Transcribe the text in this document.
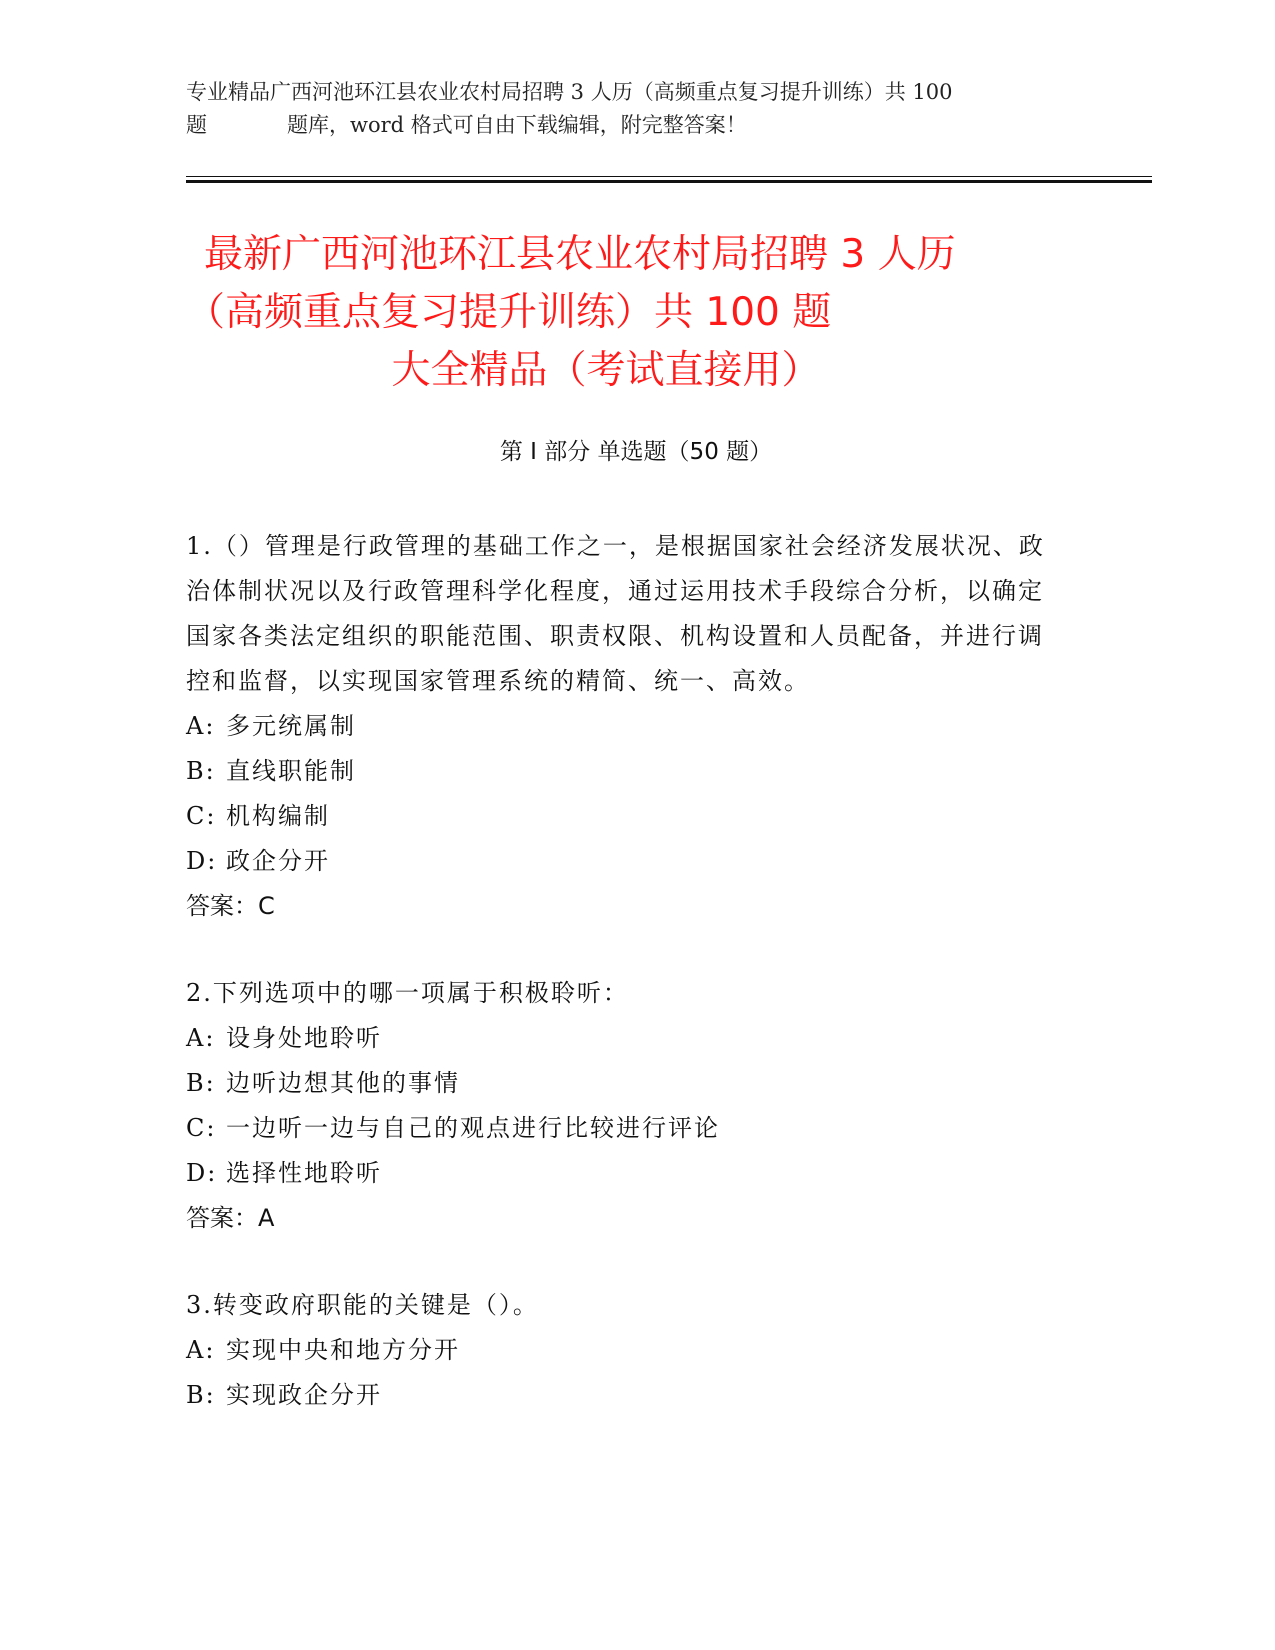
专业精品广西河池环江县农业农村局招聘 3 人历（高频重点复习提升训练）共 100
题	题库，word 格式可自由下载编辑，附完整答案！
最新广西河池环江县农业农村局招聘 3 人历
（高频重点复习提升训练）共 100 题
大全精品（考试直接用）
第 I 部分 单选题（50 题）

1.（）管理是行政管理的基础工作之一，是根据国家社会经济发展状况、政治体制状况以及行政管理科学化程度，通过运用技术手段综合分析，以确定国家各类法定组织的职能范围、职责权限、机构设置和人员配备，并进行调控和监督，以实现国家管理系统的精简、统一、高效。

A: 多元统属制
B: 直线职能制
C: 机构编制
D: 政企分开
答案：C

2.下列选项中的哪一项属于积极聆听：

A: 设身处地聆听
B: 边听边想其他的事情
C: 一边听一边与自己的观点进行比较进行评论
D: 选择性地聆听
答案：A

3.转变政府职能的关键是（）。

A: 实现中央和地方分开
B: 实现政企分开
